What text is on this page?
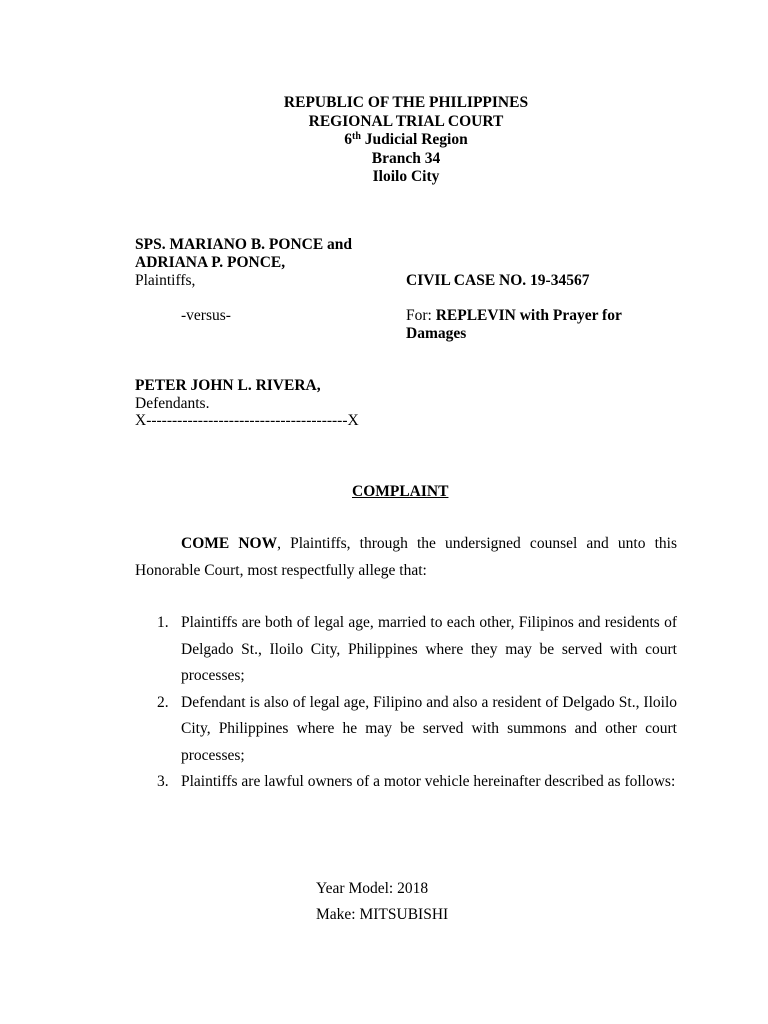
REPUBLIC OF THE PHILIPPINES
REGIONAL TRIAL COURT
6th Judicial Region
Branch 34
Iloilo City
SPS. MARIANO B. PONCE and
ADRIANA P. PONCE,
Plaintiffs,	CIVIL CASE NO. 19-34567
-versus-	For: REPLEVIN with Prayer for
Damages
PETER JOHN L. RIVERA,
Defendants.
X---------------------------------------X
COMPLAINT
COME NOW, Plaintiffs, through the undersigned counsel and unto this Honorable Court, most respectfully allege that:
1. Plaintiffs are both of legal age, married to each other, Filipinos and residents of Delgado St., Iloilo City, Philippines where they may be served with court processes;
2. Defendant is also of legal age, Filipino and also a resident of Delgado St., Iloilo City, Philippines where he may be served with summons and other court processes;
3. Plaintiffs are lawful owners of a motor vehicle hereinafter described as follows:
Year Model: 2018
Make: MITSUBISHI
